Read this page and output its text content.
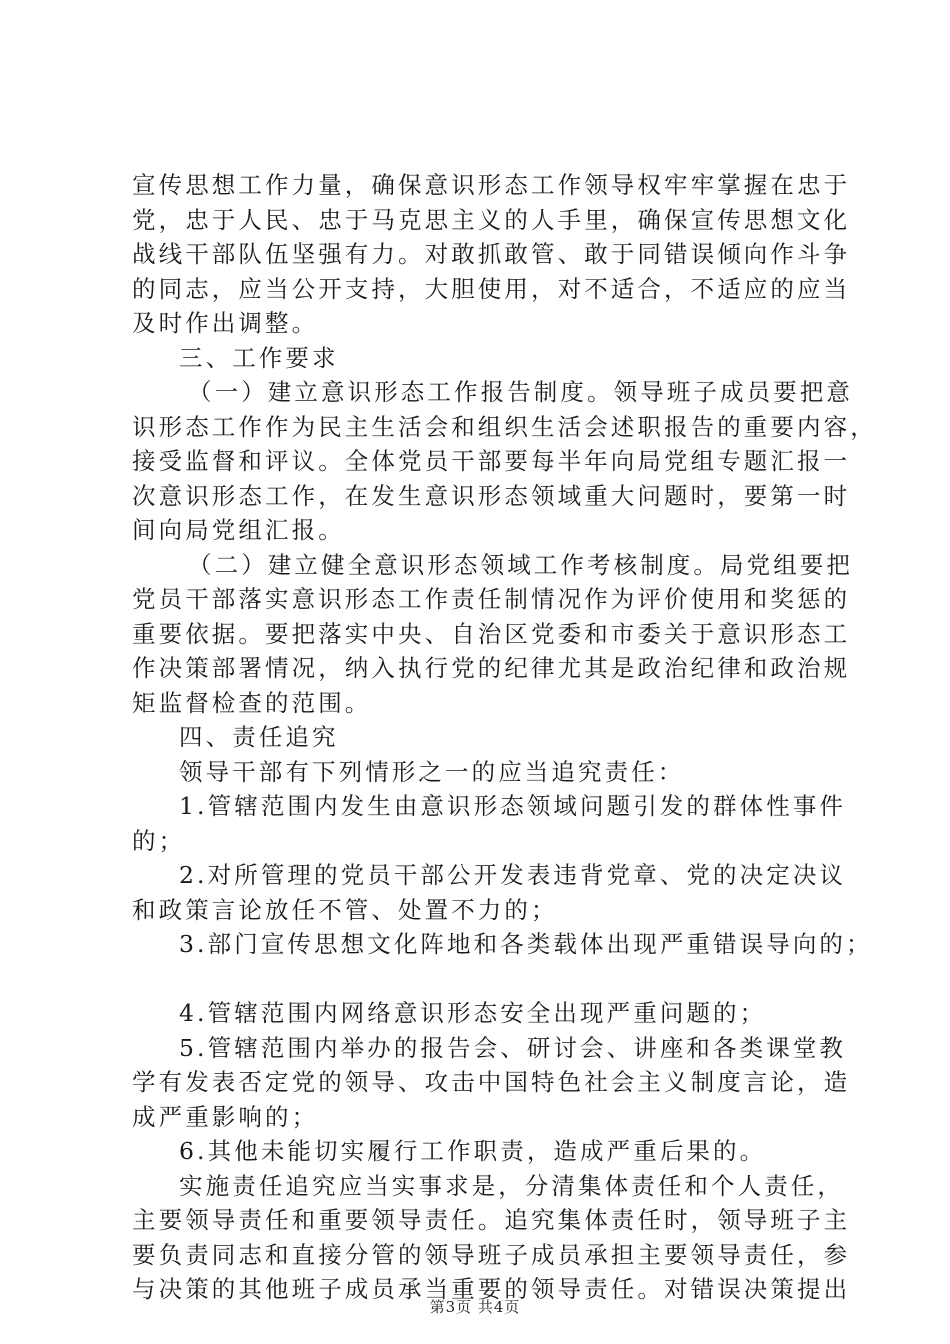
宣传思想工作力量，确保意识形态工作领导权牢牢掌握在忠于
党，忠于人民、忠于马克思主义的人手里，确保宣传思想文化
战线干部队伍坚强有力。对敢抓敢管、敢于同错误倾向作斗争
的同志，应当公开支持，大胆使用，对不适合，不适应的应当
及时作出调整。
三、工作要求
（一）建立意识形态工作报告制度。领导班子成员要把意
识形态工作作为民主生活会和组织生活会述职报告的重要内容，
接受监督和评议。全体党员干部要每半年向局党组专题汇报一
次意识形态工作，在发生意识形态领域重大问题时，要第一时
间向局党组汇报。
（二）建立健全意识形态领域工作考核制度。局党组要把
党员干部落实意识形态工作责任制情况作为评价使用和奖惩的
重要依据。要把落实中央、自治区党委和市委关于意识形态工
作决策部署情况，纳入执行党的纪律尤其是政治纪律和政治规
矩监督检查的范围。
四、责任追究
领导干部有下列情形之一的应当追究责任：
1.管辖范围内发生由意识形态领域问题引发的群体性事件
的；
2.对所管理的党员干部公开发表违背党章、党的决定决议
和政策言论放任不管、处置不力的；
3.部门宣传思想文化阵地和各类载体出现严重错误导向的；
4.管辖范围内网络意识形态安全出现严重问题的；
5.管辖范围内举办的报告会、研讨会、讲座和各类课堂教
学有发表否定党的领导、攻击中国特色社会主义制度言论，造
成严重影响的；
6.其他未能切实履行工作职责，造成严重后果的。
实施责任追究应当实事求是，分清集体责任和个人责任，
主要领导责任和重要领导责任。追究集体责任时，领导班子主
要负责同志和直接分管的领导班子成员承担主要领导责任，参
与决策的其他班子成员承当重要的领导责任。对错误决策提出
第3页 共4页
